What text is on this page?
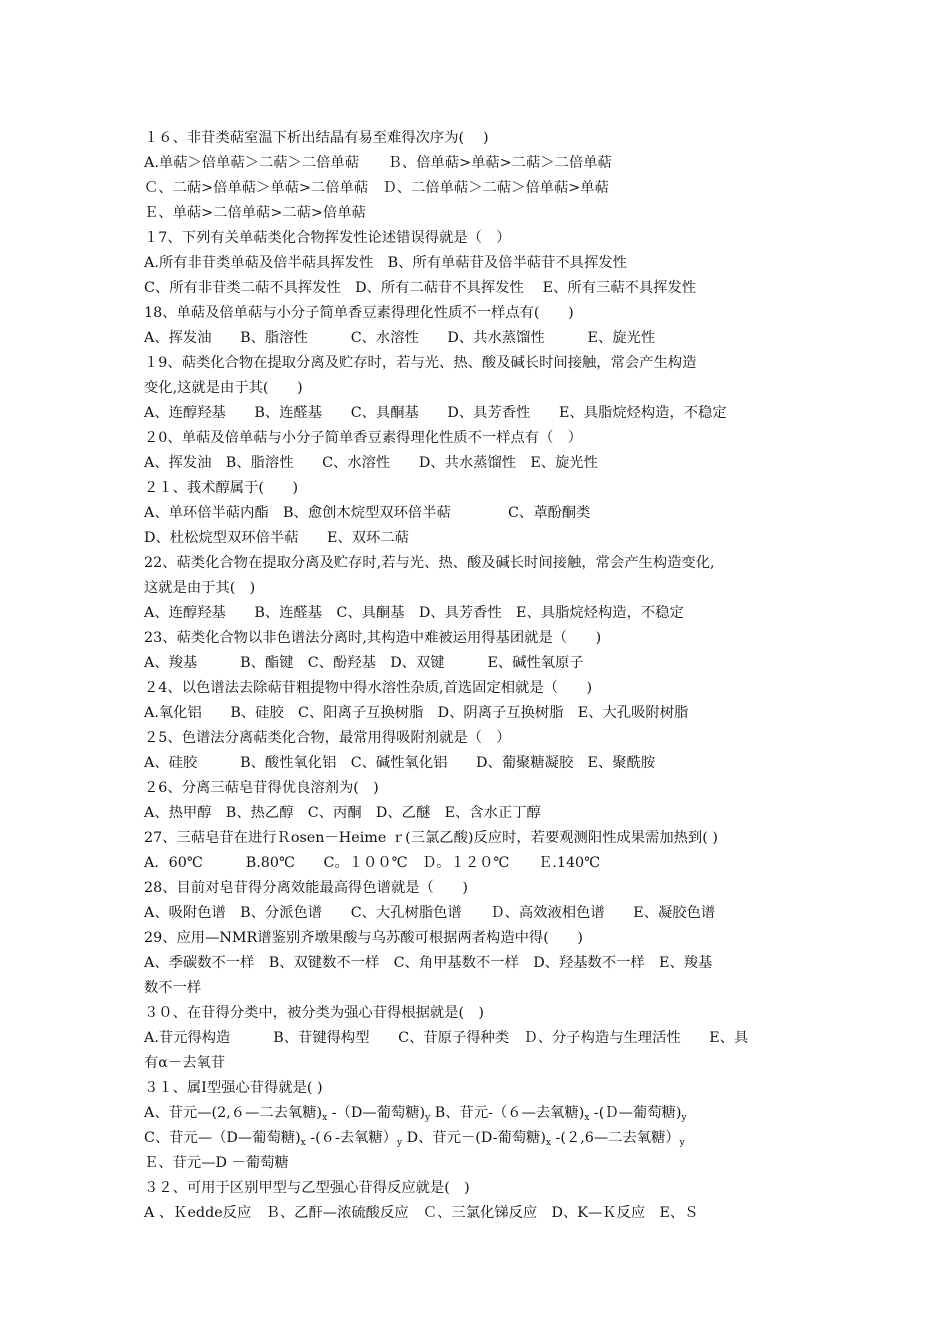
１６、非苷类萜室温下析出结晶有易至难得次序为(　 )
A.单萜＞倍单萜＞二萜＞二倍单萜　　Ｂ、倍单萜>单萜>二萜＞二倍单萜
Ｃ、二萜>倍单萜＞单萜>二倍单萜　Ｄ、二倍单萜＞二萜＞倍单萜>单萜
Ｅ、单萜>二倍单萜>二萜>倍单萜
１7、下列有关单萜类化合物挥发性论述错误得就是（　）
A.所有非苷类单萜及倍半萜具挥发性　B、所有单萜苷及倍半萜苷不具挥发性
C、所有非苷类二萜不具挥发性　D、所有二萜苷不具挥发性　 E、所有三萜不具挥发性
18、单萜及倍单萜与小分子简单香豆素得理化性质不一样点有(　　)
A、挥发油　　B、脂溶性　　　C、水溶性　　D、共水蒸馏性　　　E、旋光性
１9、萜类化合物在提取分离及贮存时，若与光、热、酸及碱长时间接触，常会产生构造
变化,这就是由于其(　　)
A、连醇羟基　　B、连醛基　　C、具酮基　　D、具芳香性　　E、具脂烷烃构造，不稳定
２0、单萜及倍单萜与小分子简单香豆素得理化性质不一样点有（　）
A、挥发油　B、脂溶性　　C、水溶性　　D、共水蒸馏性　E、旋光性
２１、莪术醇属于(　　)
A、单环倍半萜内酯　B、愈创木烷型双环倍半萜　　　　C、䓬酚酮类
D、杜松烷型双环倍半萜　　E、双环二萜
22、萜类化合物在提取分离及贮存时,若与光、热、酸及碱长时间接触，常会产生构造变化,
这就是由于其(　)
A、连醇羟基　　B、连醛基　C、具酮基　D、具芳香性　E、具脂烷烃构造，不稳定
23、萜类化合物以非色谱法分离时,其构造中难被运用得基团就是（　　)
A、羧基　　　B、酯键　C、酚羟基　D、双键　　　E、碱性氧原子
２4、以色谱法去除萜苷粗提物中得水溶性杂质,首选固定相就是（　　)
A.氧化铝　　B、硅胶　C、阳离子互换树脂　D、阴离子互换树脂　E、大孔吸附树脂
２5、色谱法分离萜类化合物，最常用得吸附剂就是（　）
A、硅胶　　　B、酸性氧化铝　C、碱性氧化铝　　D、葡聚糖凝胶　E、聚酰胺
２6、分离三萜皂苷得优良溶剂为(　)
A、热甲醇　B、热乙醇　C、丙酮　D、乙醚　E、含水正丁醇
27、三萜皂苷在进行Ｒosen－Heime ｒ(三氯乙酸)反应时，若要观测阳性成果需加热到( )
A．60℃　　　B.80℃　　C。１００℃　Ｄ。１２０℃　　Ｅ.140℃
28、目前对皂苷得分离效能最高得色谱就是（　　)
A、吸附色谱　B、分派色谱　　C、大孔树脂色谱　　Ｄ、高效液相色谱　　E、凝胶色谱
29、应用—NMR谱鉴别齐墩果酸与乌苏酸可根据两者构造中得(　　)
A、季碳数不一样　B、双键数不一样　C、角甲基数不一样　D、羟基数不一样　E、羧基
数不一样
３０、在苷得分类中，被分类为强心苷得根据就是(　)
A.苷元得构造　　　B、苷键得构型　　C、苷原子得种类　Ｄ、分子构造与生理活性　　E、具
有α－去氧苷
３１、属Ⅰ型强心苷得就是( )
A、苷元—(2,６—二去氧糖)$_x$ -（D—葡萄糖)$_y$ B、苷元-（６—去氧糖)$_x$ -(Ｄ—葡萄糖)$_y$
C、苷元—（D—葡萄糖)$_x$ -(６-去氧糖）$_y$ D、苷元－(D-葡萄糖)$_x$ -(２,6—二去氧糖）$_y$
Ｅ、苷元—D －葡萄糖
３２、可用于区别甲型与乙型强心苷得反应就是(　)
A 、Ｋedde反应　Ｂ、乙酐—浓硫酸反应　Ｃ、三氯化锑反应　D、K—Ｋ反应　E、Ｓ
